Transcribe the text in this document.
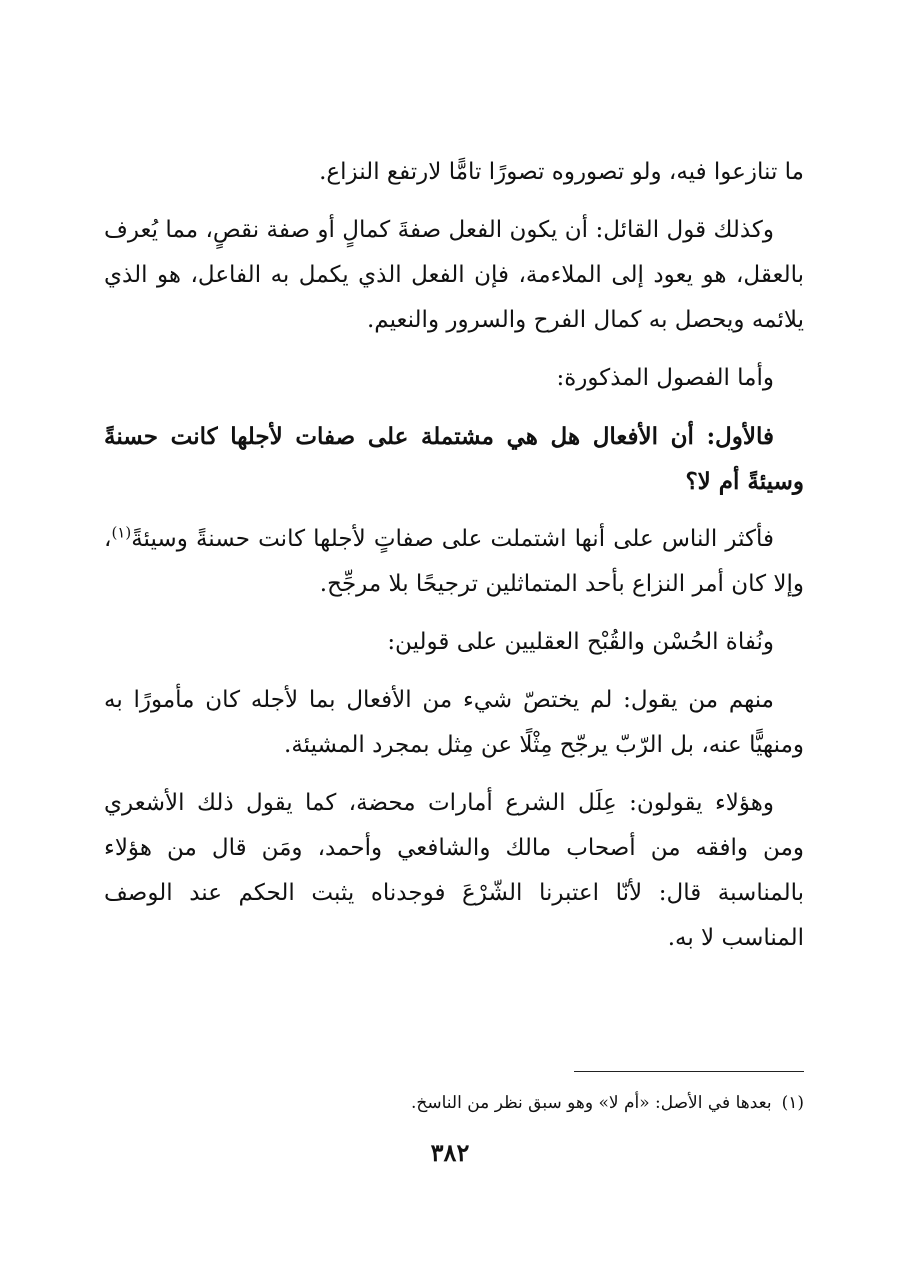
ما تنازعوا فيه، ولو تصوروه تصورًا تامًّا لارتفع النزاع.

وكذلك قول القائل: أن يكون الفعل صفةَ كمالٍ أو صفة نقصٍ، مما يُعرف بالعقل، هو يعود إلى الملاءمة، فإن الفعل الذي يكمل به الفاعل، هو الذي يلائمه ويحصل به كمال الفرح والسرور والنعيم.

وأما الفصول المذكورة:

فالأول: أن الأفعال هل هي مشتملة على صفات لأجلها كانت حسنةً وسيئةً أم لا؟

فأكثر الناس على أنها اشتملت على صفاتٍ لأجلها كانت حسنةً وسيئةً$^{(١)}$، وإلا كان أمر النزاع بأحد المتماثلين ترجيحًا بلا مرجِّح.

ونُفاة الحُسْن والقُبْح العقليين على قولين:

منهم من يقول: لم يختصّ شيء من الأفعال بما لأجله كان مأمورًا به ومنهيًّا عنه، بل الرّبّ يرجّح مِثْلًا عن مِثل بمجرد المشيئة.

وهؤلاء يقولون: عِلَل الشرع أمارات محضة، كما يقول ذلك الأشعري ومن وافقه من أصحاب مالك والشافعي وأحمد، ومَن قال من هؤلاء بالمناسبة قال: لأنّا اعتبرنا الشّرْعَ فوجدناه يثبت الحكم عند الوصف المناسب لا به.

(١)بعدها في الأصل: «أم لا» وهو سبق نظر من الناسخ.
٣٨٢
